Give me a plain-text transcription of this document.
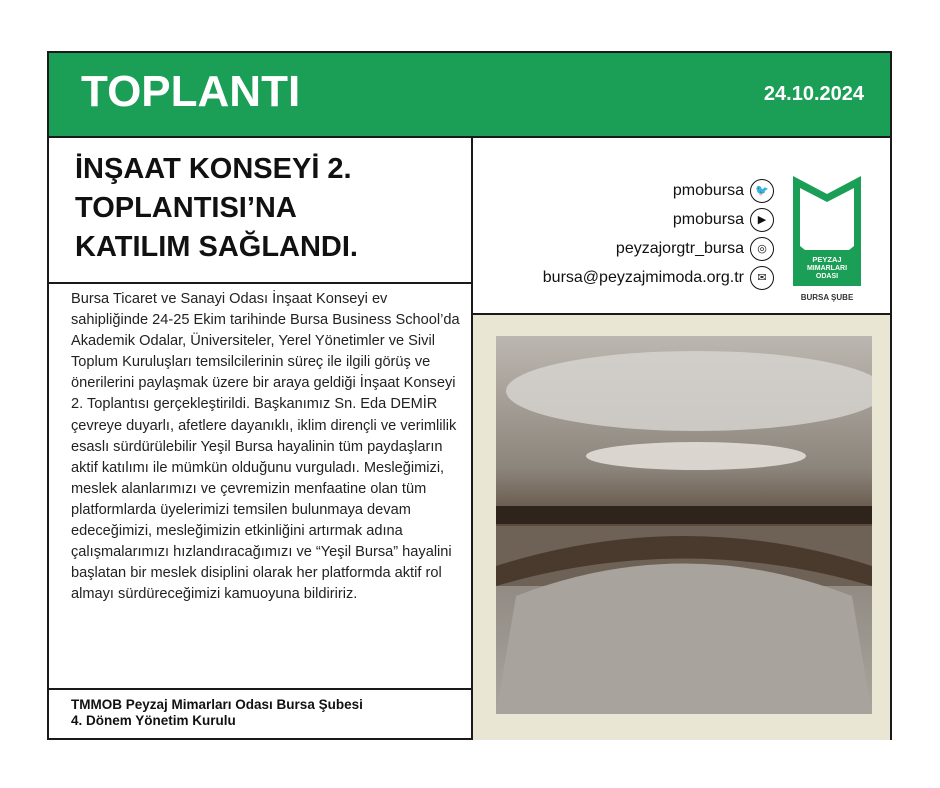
TOPLANTI	24.10.2024
İNŞAAT KONSEYİ 2.
TOPLANTISI’NA
KATILIM SAĞLANDI.
Bursa Ticaret ve Sanayi Odası İnşaat Konseyi ev sahipliğinde 24-25 Ekim tarihinde Bursa Business School’da Akademik Odalar, Üniversiteler, Yerel Yönetimler ve Sivil Toplum Kuruluşları temsilcilerinin süreç ile ilgili görüş ve önerilerini paylaşmak üzere bir araya geldiği İnşaat Konseyi 2. Toplantısı gerçekleştirildi. Başkanımız Sn. Eda DEMİR çevreye duyarlı, afetlere dayanıklı, iklim dirençli ve verimlilik esaslı sürdürülebilir Yeşil Bursa hayalinin tüm paydaşların aktif katılımı ile mümkün olduğunu vurguladı. Mesleğimizi, meslek alanlarımızı ve çevremizin menfaatine olan tüm platformlarda üyelerimizi temsilen bulunmaya devam edeceğimizi, mesleğimizin etkinliğini artırmak adına çalışmalarımızı hızlandıracağımızı ve “Yeşil Bursa” hayalini başlatan bir meslek disiplini olarak her platformda aktif rol almayı sürdüreceğimizi kamuoyuna bildiririz.
TMMOB Peyzaj Mimarları Odası Bursa Şubesi
4. Dönem Yönetim Kurulu
pmobursa	🐦
pmobursa	▶
peyzajorgtr_bursa	◎
bursa@peyzajmimoda.org.tr	✉
PEYZAJ
MIMARLARI
ODASI
BURSA ŞUBE
